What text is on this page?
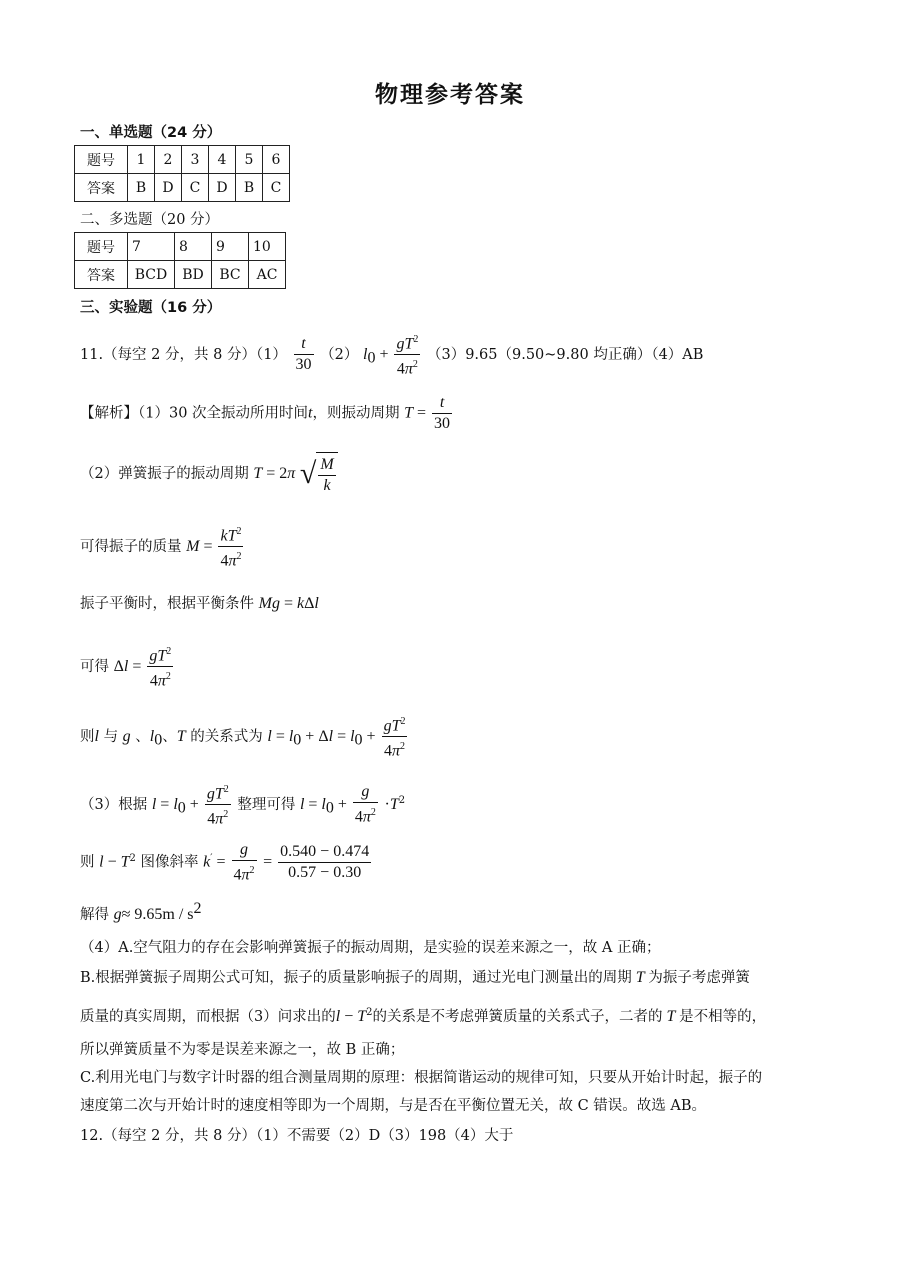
物理参考答案
一、单选题（24 分）
题号	1	2	3	4	5	6
答案	B	D	C	D	B	C
二、多选题（20 分）
题号	7	8	9	10
答案	BCD	BD	BC	AC
三、实验题（16 分）
11.（每空 2 分，共 8 分）$(1) \frac{t}{30} (2) l_0 + \frac{gT^2}{4\pi^2}$ （3）9.65（9.50~9.80 均正确）（4）AB
【解析】（1）30 次全振动所用时间t，则振动周期 $T = \frac{t}{30}$
（2）弹簧振子的振动周期 T = 2π √ $\frac{M}{k}$
可得振子的质量 $M = \frac{kT^2}{4\pi^2}$
振子平衡时，根据平衡条件 Mg = kΔl
可得 $\Delta l = \frac{gT^2}{4\pi^2}$
则l 与 g 、$l_0$、T 的关系式为 $l = l_0 + \Delta l = l_0 + \frac{gT^2}{4\pi^2}$
（3）根据 $l = l_0 + \frac{gT^2}{4\pi^2}$ 整理可得 $l = l_0 + \frac{g}{4\pi^2} \cdot T^2$
则 $l - T^2$ 图像斜率 $k' = \frac{g}{4\pi^2} = \frac{0.540 - 0.474}{0.57 - 0.30}$
解得 $g\approx 9.65m / s^2$
（4）A.空气阻力的存在会影响弹簧振子的振动周期，是实验的误差来源之一，故 A 正确；
B.根据弹簧振子周期公式可知，振子的质量影响振子的周期，通过光电门测量出的周期 T 为振子考虑弹簧
质量的真实周期，而根据（3）问求出的$l - T^2$的关系是不考虑弹簧质量的关系式子，二者的 T 是不相等的，
所以弹簧质量不为零是误差来源之一，故 B 正确；
C.利用光电门与数字计时器的组合测量周期的原理：根据简谐运动的规律可知，只要从开始计时起，振子的
速度第二次与开始计时的速度相等即为一个周期，与是否在平衡位置无关，故 C 错误。故选 AB。
12.（每空 2 分，共 8 分）（1）不需要（2）D（3）198（4）大于
